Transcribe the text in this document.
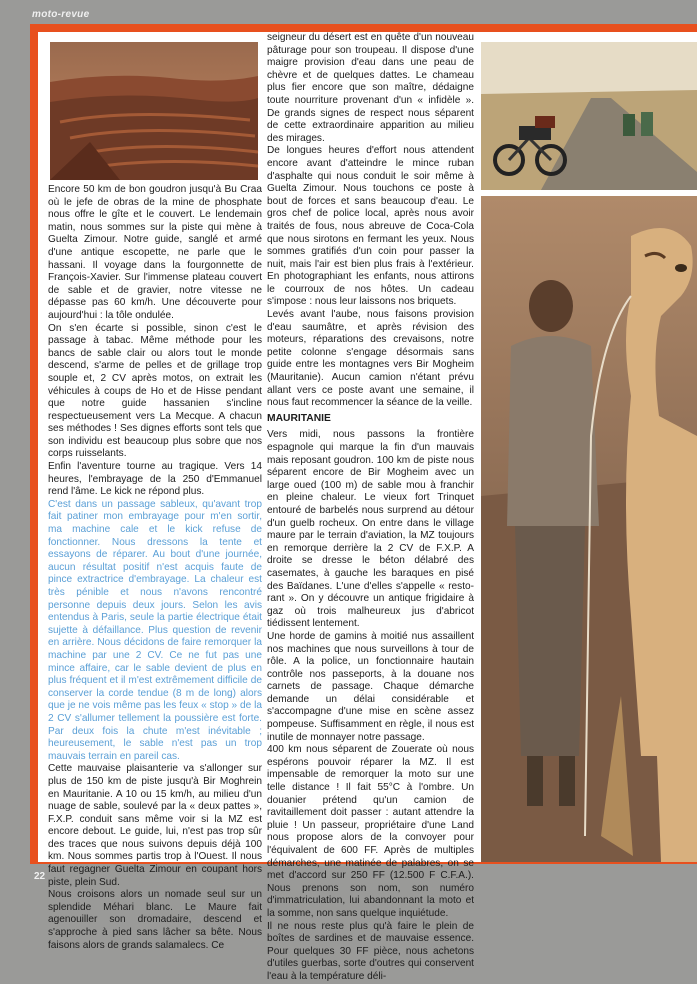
moto-revue

Encore 50 km de bon goudron jusqu'à Bu Craa où le jefe de obras de la mine de phosphate nous offre le gîte et le couvert. Le lendemain matin, nous sommes sur la piste qui mène à Guelta Zimour. Notre guide, sanglé et armé d'une antique escopette, ne parle que le hassani. Il voyage dans la fourgonnette de François-Xavier. Sur l'immense plateau couvert de sable et de gravier, notre vitesse ne dépasse pas 60 km/h. Une découverte pour aujourd'hui : la tôle ondulée.

On s'en écarte si possible, sinon c'est le passage à tabac. Même méthode pour les bancs de sable clair ou alors tout le monde descend, s'arme de pelles et de grillage trop souple et, 2 CV après motos, on extrait les véhicules à coups de Ho et de Hisse pendant que notre guide hassanien s'incline respectueusement vers La Mecque. A chacun ses méthodes ! Ses dignes efforts sont tels que son individu est beaucoup plus sobre que nos corps ruisselants.

Enfin l'aventure tourne au tragique. Vers 14 heures, l'embrayage de la 250 d'Emmanuel rend l'âme. Le kick ne répond plus.

C'est dans un passage sableux, qu'avant trop fait patiner mon embrayage pour m'en sortir, ma machine cale et le kick refuse de fonctionner. Nous dressons la tente et essayons de réparer. Au bout d'une journée, aucun résultat positif n'est acquis faute de pince extractrice d'embrayage. La chaleur est très pénible et nous n'avons rencontré personne depuis deux jours. Selon les avis entendus à Paris, seule la partie électrique était sujette à défaillance. Plus question de revenir en arrière. Nous décidons de faire remorquer la machine par une 2 CV. Ce ne fut pas une mince affaire, car le sable devient de plus en plus fréquent et il m'est extrêmement difficile de conserver la corde tendue (8 m de long) alors que je ne vois même pas les feux « stop » de la 2 CV s'allumer tellement la poussière est forte. Par deux fois la chute m'est inévitable ; heureusement, le sable n'est pas un trop mauvais terrain en pareil cas.

Cette mauvaise plaisanterie va s'allonger sur plus de 150 km de piste jusqu'à Bir Moghrein en Mauritanie. A 10 ou 15 km/h, au milieu d'un nuage de sable, soulevé par la « deux pattes », F.X.P. conduit sans même voir si la MZ est encore debout. Le guide, lui, n'est pas trop sûr des traces que nous suivons depuis déjà 100 km. Nous sommes partis trop à l'Ouest. Il nous faut regagner Guelta Zimour en coupant hors piste, plein Sud.

Nous croisons alors un nomade seul sur un splendide Méhari blanc. Le Maure fait agenouiller son dromadaire, descend et s'approche à pied sans lâcher sa bête. Nous faisons alors de grands salamalecs. Ce

seigneur du désert est en quête d'un nouveau pâturage pour son troupeau. Il dispose d'une maigre provision d'eau dans une peau de chèvre et de quelques dattes. Le chameau plus fier encore que son maître, dédaigne toute nourriture provenant d'un « infidèle ». De grands signes de respect nous séparent de cette extraordinaire apparition au milieu des mirages.

De longues heures d'effort nous attendent encore avant d'atteindre le mince ruban d'asphalte qui nous conduit le soir même à Guelta Zimour. Nous touchons ce poste à bout de forces et sans beaucoup d'eau. Le gros chef de police local, après nous avoir traités de fous, nous abreuve de Coca-Cola que nous sirotons en fermant les yeux. Nous sommes gratifiés d'un coin pour passer la nuit, mais l'air est bien plus frais à l'extérieur. En photographiant les enfants, nous attirons le courroux de nos hôtes. Un cadeau s'impose : nous leur laissons nos briquets.

Levés avant l'aube, nous faisons provision d'eau saumâtre, et après révision des moteurs, réparations des crevaisons, notre petite colonne s'engage désormais sans guide entre les montagnes vers Bir Mogheim (Mauritanie). Aucun camion n'étant prévu allant vers ce poste avant une semaine, il nous faut recommencer la séance de la veille.

MAURITANIE

Vers midi, nous passons la frontière espagnole qui marque la fin d'un mauvais mais reposant goudron. 100 km de piste nous séparent encore de Bir Mogheim avec un large oued (100 m) de sable mou à franchir en pleine chaleur. Le vieux fort Trinquet entouré de barbelés nous surprend au détour d'un guelb rocheux. On entre dans le village maure par le terrain d'aviation, la MZ toujours en remorque derrière la 2 CV de F.X.P. A droite se dresse le béton délabré des casemates, à gauche les baraques en pisé des Baïdanes. L'une d'elles s'appelle « resto-rant ». On y découvre un antique frigidaire à gaz où trois malheureux jus d'abricot tiédissent lentement.

Une horde de gamins à moitié nus assaillent nos machines que nous surveillons à tour de rôle. A la police, un fonctionnaire hautain contrôle nos passeports, à la douane nos carnets de passage. Chaque démarche demande un délai considérable et s'accompagne d'une mise en scène assez pompeuse. Suffisamment en règle, il nous est inutile de monnayer notre passage.

400 km nous séparent de Zouerate où nous espérons pouvoir réparer la MZ. Il est impensable de remorquer la moto sur une telle distance ! Il fait 55°C à l'ombre. Un douanier prétend qu'un camion de ravitaillement doit passer : autant attendre la pluie ! Un passeur, propriétaire d'une Land nous propose alors de la convoyer pour l'équivalent de 600 FF. Après de multiples démarches, une matinée de palabres, on se met d'accord sur 250 FF (12.500 F C.F.A.). Nous prenons son nom, son numéro d'immatriculation, lui abandonnant la moto et la somme, non sans quelque inquiétude.

Il ne nous reste plus qu'à faire le plein de boîtes de sardines et de mauvaise essence. Pour quelques 30 FF pièce, nous achetons d'utiles guerbas, sorte d'outres qui conservent l'eau à la température déli-

22
